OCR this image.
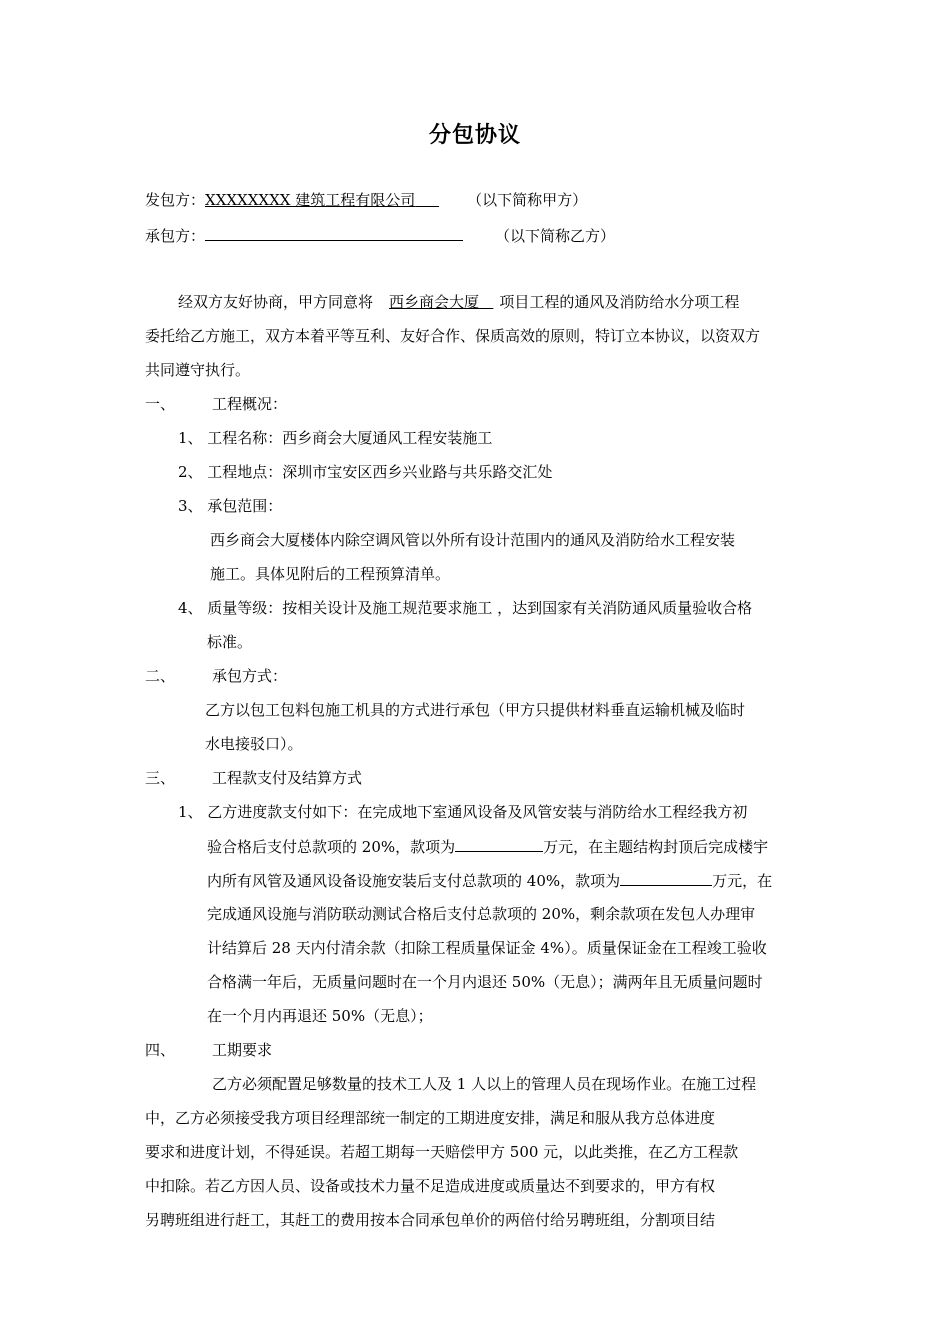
分包协议
发包方：XXXXXXXX 建筑工程有限公司	（以下简称甲方）
承包方：	（以下简称乙方）
经双方友好协商，甲方同意将 西乡商会大厦 项目工程的通风及消防给水分项工程
委托给乙方施工，双方本着平等互利、友好合作、保质高效的原则，特订立本协议，以资双方
共同遵守执行。
一、 工程概况：
1、 工程名称：西乡商会大厦通风工程安装施工
2、 工程地点：深圳市宝安区西乡兴业路与共乐路交汇处
3、 承包范围：
西乡商会大厦楼体内除空调风管以外所有设计范围内的通风及消防给水工程安装
施工。具体见附后的工程预算清单。
4、 质量等级：按相关设计及施工规范要求施工 ，达到国家有关消防通风质量验收合格
标准。
二、 承包方式：
乙方以包工包料包施工机具的方式进行承包（甲方只提供材料垂直运输机械及临时
水电接驳口）。
三、 工程款支付及结算方式
1、 乙方进度款支付如下：在完成地下室通风设备及风管安装与消防给水工程经我方初
验合格后支付总款项的 20%，款项为	万元，在主题结构封顶后完成楼宇
内所有风管及通风设备设施安装后支付总款项的 40%，款项为	万元，在
完成通风设施与消防联动测试合格后支付总款项的 20%，剩余款项在发包人办理审
计结算后 28 天内付清余款（扣除工程质量保证金 4%）。质量保证金在工程竣工验收
合格满一年后，无质量问题时在一个月内退还 50%（无息）；满两年且无质量问题时
在一个月内再退还 50%（无息）；
四、 工期要求
乙方必须配置足够数量的技术工人及 1 人以上的管理人员在现场作业。在施工过程
中，乙方必须接受我方项目经理部统一制定的工期进度安排，满足和服从我方总体进度
要求和进度计划，不得延误。若超工期每一天赔偿甲方 500 元，以此类推，在乙方工程款
中扣除。若乙方因人员、设备或技术力量不足造成进度或质量达不到要求的，甲方有权
另聘班组进行赶工，其赶工的费用按本合同承包单价的两倍付给另聘班组，分割项目结
